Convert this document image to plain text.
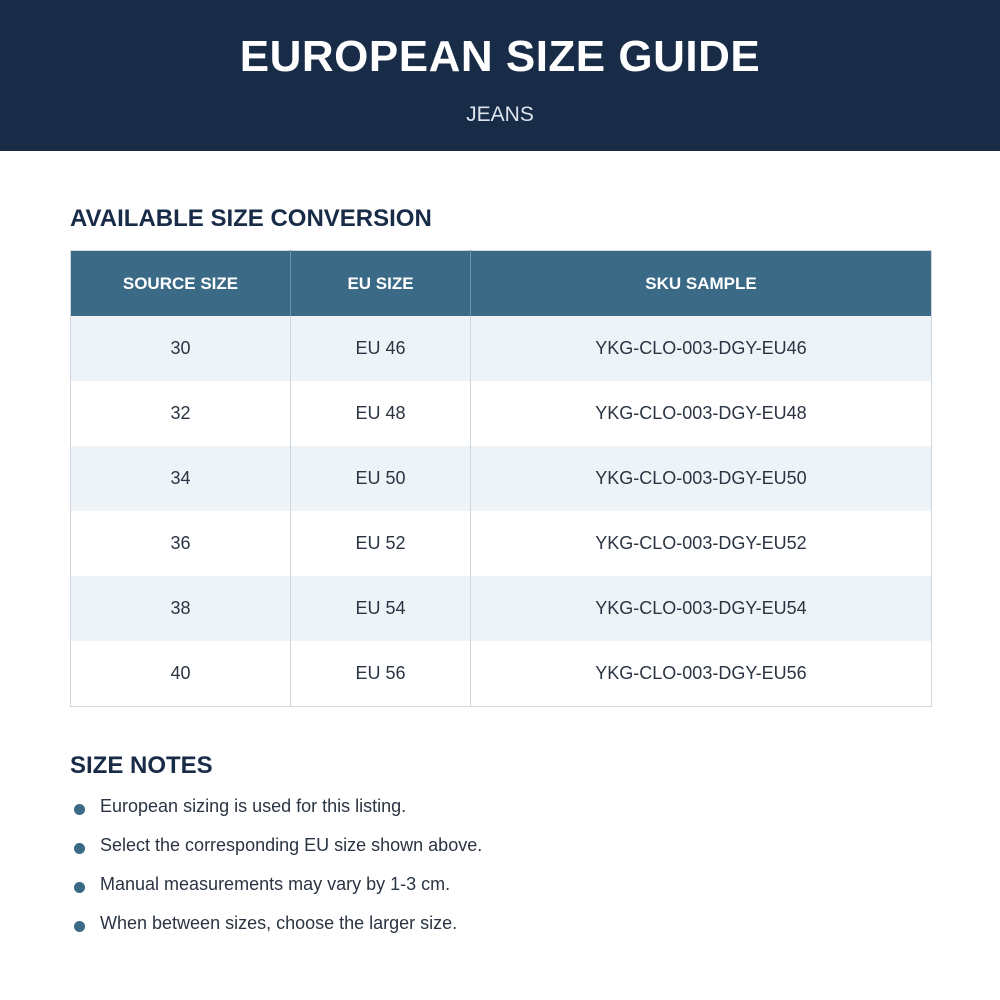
EUROPEAN SIZE GUIDE
JEANS
AVAILABLE SIZE CONVERSION
SOURCE SIZE	EU SIZE	SKU SAMPLE
30	EU 46	YKG-CLO-003-DGY-EU46
32	EU 48	YKG-CLO-003-DGY-EU48
34	EU 50	YKG-CLO-003-DGY-EU50
36	EU 52	YKG-CLO-003-DGY-EU52
38	EU 54	YKG-CLO-003-DGY-EU54
40	EU 56	YKG-CLO-003-DGY-EU56
SIZE NOTES
European sizing is used for this listing.
Select the corresponding EU size shown above.
Manual measurements may vary by 1-3 cm.
When between sizes, choose the larger size.
